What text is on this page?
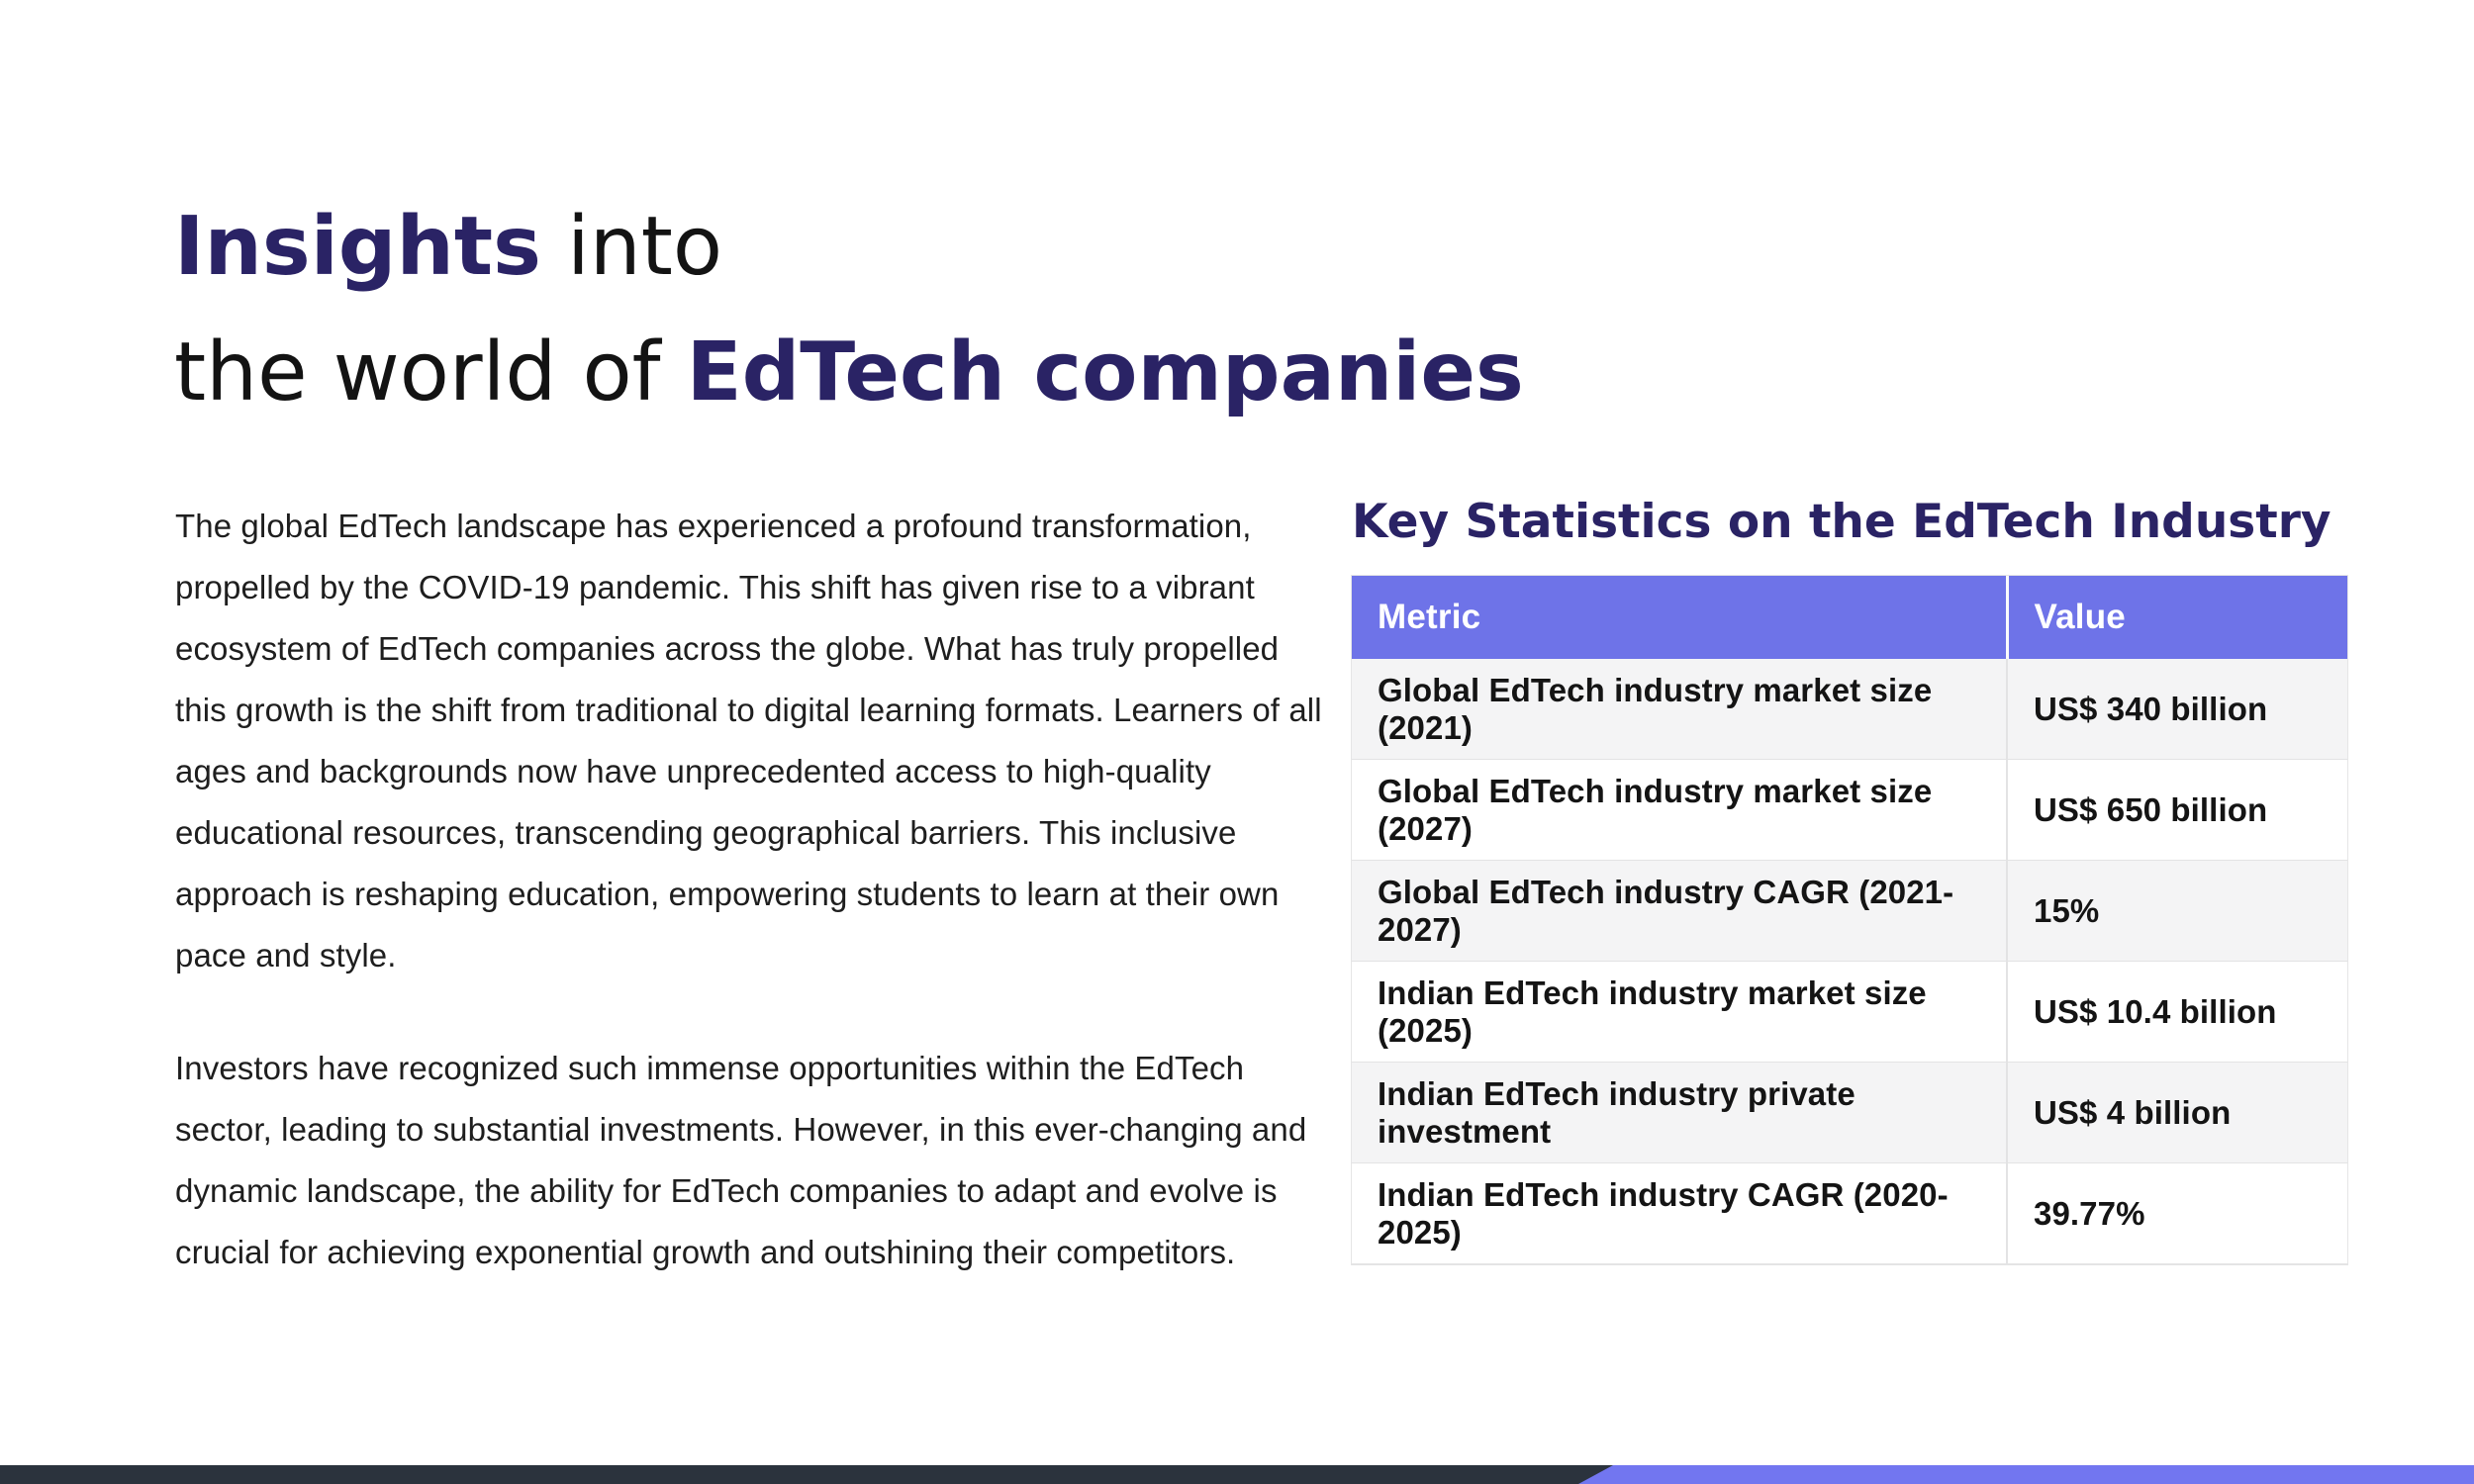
Insights into
the world of EdTech companies

The global EdTech landscape has experienced a profound transformation, propelled by the COVID-19 pandemic. This shift has given rise to a vibrant ecosystem of EdTech companies across the globe. What has truly propelled this growth is the shift from traditional to digital learning formats. Learners of all ages and backgrounds now have unprecedented access to high-quality educational resources, transcending geographical barriers. This inclusive approach is reshaping education, empowering students to learn at their own pace and style.

Investors have recognized such immense opportunities within the EdTech sector, leading to substantial investments. However, in this ever-changing and dynamic landscape, the ability for EdTech companies to adapt and evolve is crucial for achieving exponential growth and outshining their competitors.

Key Statistics on the EdTech Industry
Metric	Value
Global EdTech industry market size (2021)	US$ 340 billion
Global EdTech industry market size (2027)	US$ 650 billion
Global EdTech industry CAGR (2021-2027)	15%
Indian EdTech industry market size (2025)	US$ 10.4 billion
Indian EdTech industry private investment	US$ 4 billion
Indian EdTech industry CAGR (2020-2025)	39.77%
